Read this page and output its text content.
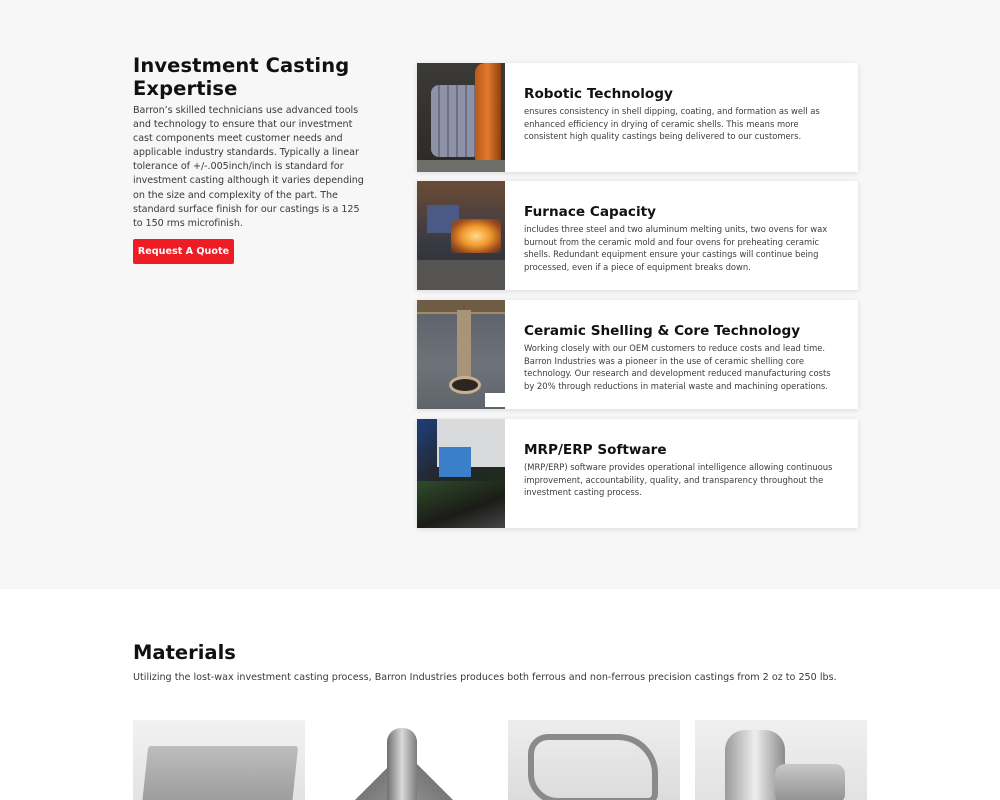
Investment Casting Expertise

Barron’s skilled technicians use advanced tools and technology to ensure that our investment cast components meet customer needs and applicable industry standards. Typically a linear tolerance of +/-.005inch/inch is standard for investment casting although it varies depending on the size and complexity of the part. The standard surface finish for our castings is a 125 to 150 rms microfinish.

Request A Quote
Robotic Technology

ensures consistency in shell dipping, coating, and formation as well as enhanced efficiency in drying of ceramic shells. This means more consistent high quality castings being delivered to our customers.

Furnace Capacity

includes three steel and two aluminum melting units, two ovens for wax burnout from the ceramic mold and four ovens for preheating ceramic shells. Redundant equipment ensure your castings will continue being processed, even if a piece of equipment breaks down.

Ceramic Shelling & Core Technology

Working closely with our OEM customers to reduce costs and lead time. Barron Industries was a pioneer in the use of ceramic shelling core technology. Our research and development reduced manufacturing costs by 20% through reductions in material waste and machining operations.

MRP/ERP Software

(MRP/ERP) software provides operational intelligence allowing continuous improvement, accountability, quality, and transparency throughout the investment casting process.

Materials

Utilizing the lost-wax investment casting process, Barron Industries produces both ferrous and non-ferrous precision castings from 2 oz to 250 lbs.
